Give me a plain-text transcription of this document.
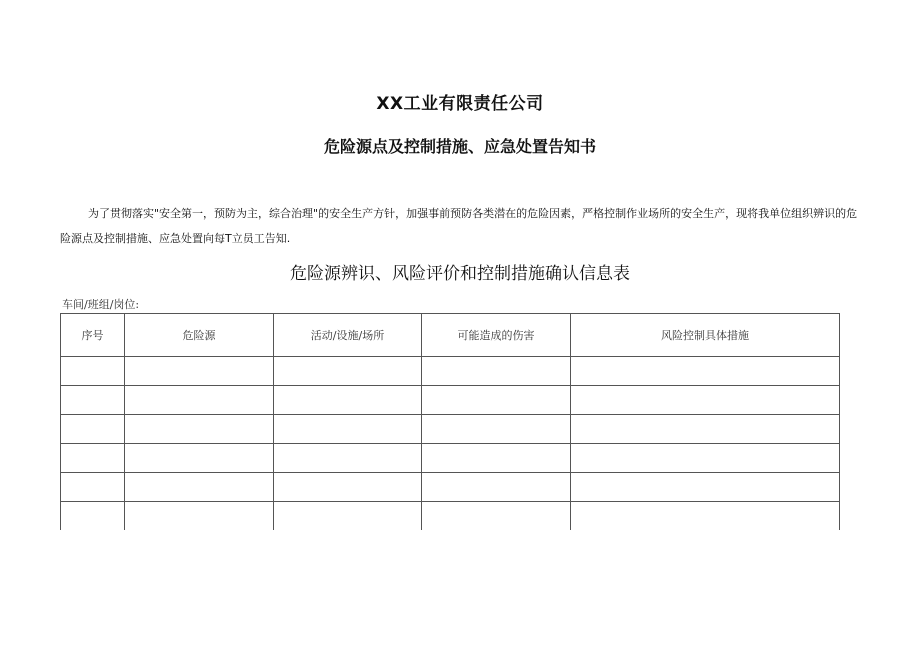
XX工业有限责任公司
危险源点及控制措施、应急处置告知书
为了贯彻落实"安全第一，预防为主，综合治理"的安全生产方针，加强事前预防各类潜在的危险因素，严格控制作业场所的安全生产，现将我单位组织辨识的危险源点及控制措施、应急处置向每T立员工告知.
危险源辨识、风险评价和控制措施确认信息表
车间/班组/岗位:
序号	危险源	活动/设施/场所	可能造成的伤害	风险控制具体措施
